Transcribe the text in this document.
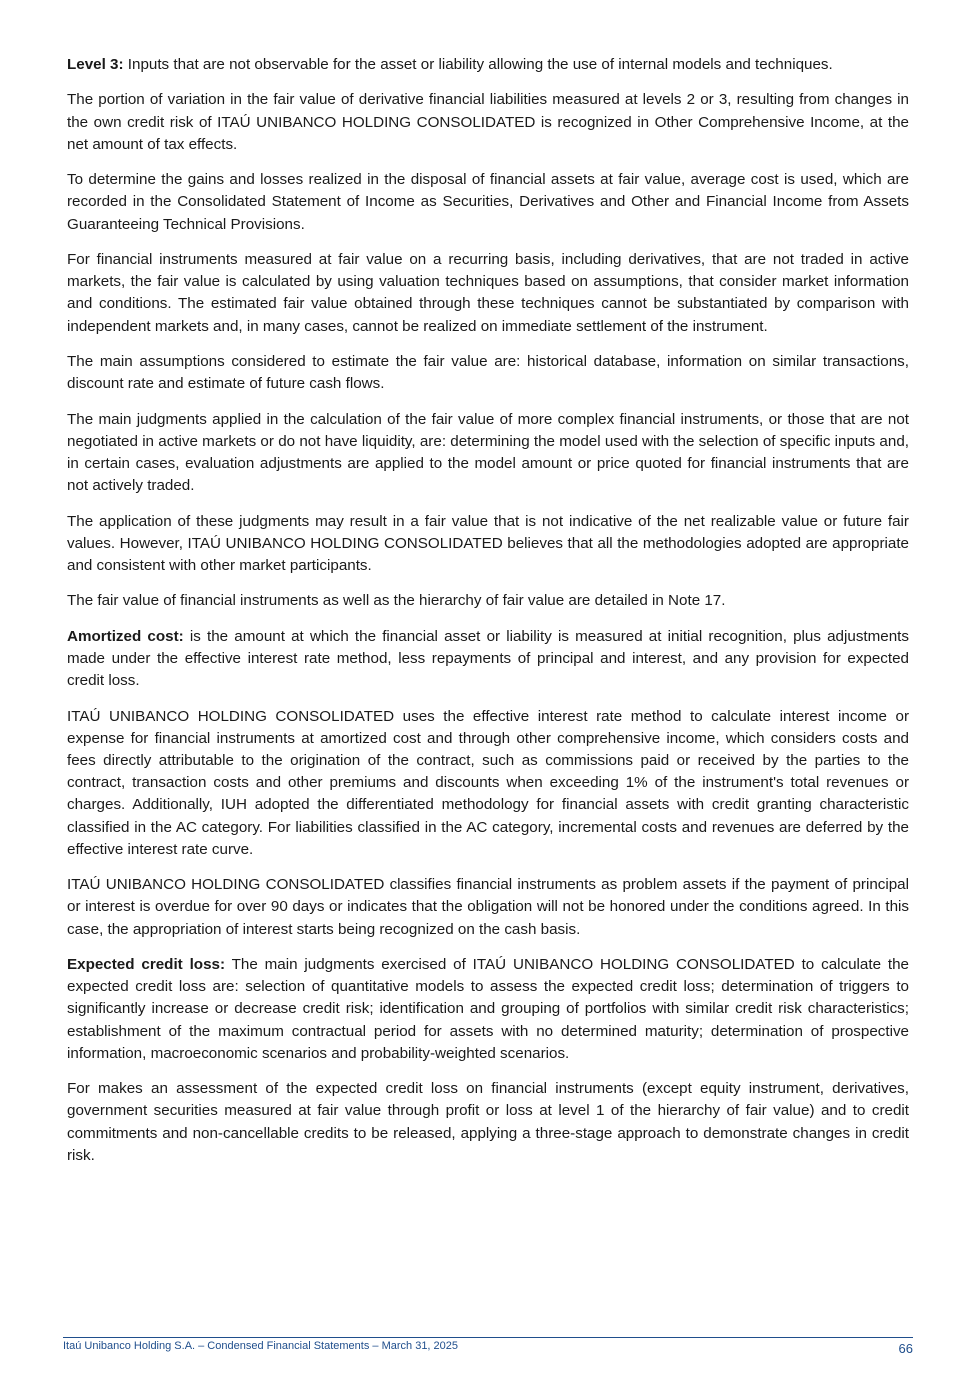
Level 3: Inputs that are not observable for the asset or liability allowing the use of internal models and techniques.

The portion of variation in the fair value of derivative financial liabilities measured at levels 2 or 3, resulting from changes in the own credit risk of ITAÚ UNIBANCO HOLDING CONSOLIDATED is recognized in Other Comprehensive Income, at the net amount of tax effects.

To determine the gains and losses realized in the disposal of financial assets at fair value, average cost is used, which are recorded in the Consolidated Statement of Income as Securities, Derivatives and Other and Financial Income from Assets Guaranteeing Technical Provisions.

For financial instruments measured at fair value on a recurring basis, including derivatives, that are not traded in active markets, the fair value is calculated by using valuation techniques based on assumptions, that consider market information and conditions. The estimated fair value obtained through these techniques cannot be substantiated by comparison with independent markets and, in many cases, cannot be realized on immediate settlement of the instrument.

The main assumptions considered to estimate the fair value are: historical database, information on similar transactions, discount rate and estimate of future cash flows.

The main judgments applied in the calculation of the fair value of more complex financial instruments, or those that are not negotiated in active markets or do not have liquidity, are: determining the model used with the selection of specific inputs and, in certain cases, evaluation adjustments are applied to the model amount or price quoted for financial instruments that are not actively traded.

The application of these judgments may result in a fair value that is not indicative of the net realizable value or future fair values. However, ITAÚ UNIBANCO HOLDING CONSOLIDATED believes that all the methodologies adopted are appropriate and consistent with other market participants.

The fair value of financial instruments as well as the hierarchy of fair value are detailed in Note 17.

Amortized cost: is the amount at which the financial asset or liability is measured at initial recognition, plus adjustments made under the effective interest rate method, less repayments of principal and interest, and any provision for expected credit loss.

ITAÚ UNIBANCO HOLDING CONSOLIDATED uses the effective interest rate method to calculate interest income or expense for financial instruments at amortized cost and through other comprehensive income, which considers costs and fees directly attributable to the origination of the contract, such as commissions paid or received by the parties to the contract, transaction costs and other premiums and discounts when exceeding 1% of the instrument's total revenues or charges. Additionally, IUH adopted the differentiated methodology for financial assets with credit granting characteristic classified in the AC category. For liabilities classified in the AC category, incremental costs and revenues are deferred by the effective interest rate curve.

ITAÚ UNIBANCO HOLDING CONSOLIDATED classifies financial instruments as problem assets if the payment of principal or interest is overdue for over 90 days or indicates that the obligation will not be honored under the conditions agreed. In this case, the appropriation of interest starts being recognized on the cash basis.

Expected credit loss: The main judgments exercised of ITAÚ UNIBANCO HOLDING CONSOLIDATED to calculate the expected credit loss are: selection of quantitative models to assess the expected credit loss; determination of triggers to significantly increase or decrease credit risk; identification and grouping of portfolios with similar credit risk characteristics; establishment of the maximum contractual period for assets with no determined maturity; determination of prospective information, macroeconomic scenarios and probability-weighted scenarios.

For makes an assessment of the expected credit loss on financial instruments (except equity instrument, derivatives, government securities measured at fair value through profit or loss at level 1 of the hierarchy of fair value) and to credit commitments and non-cancellable credits to be released, applying a three-stage approach to demonstrate changes in credit risk.

Itaú Unibanco Holding S.A. – Condensed Financial Statements – March 31, 2025	66
